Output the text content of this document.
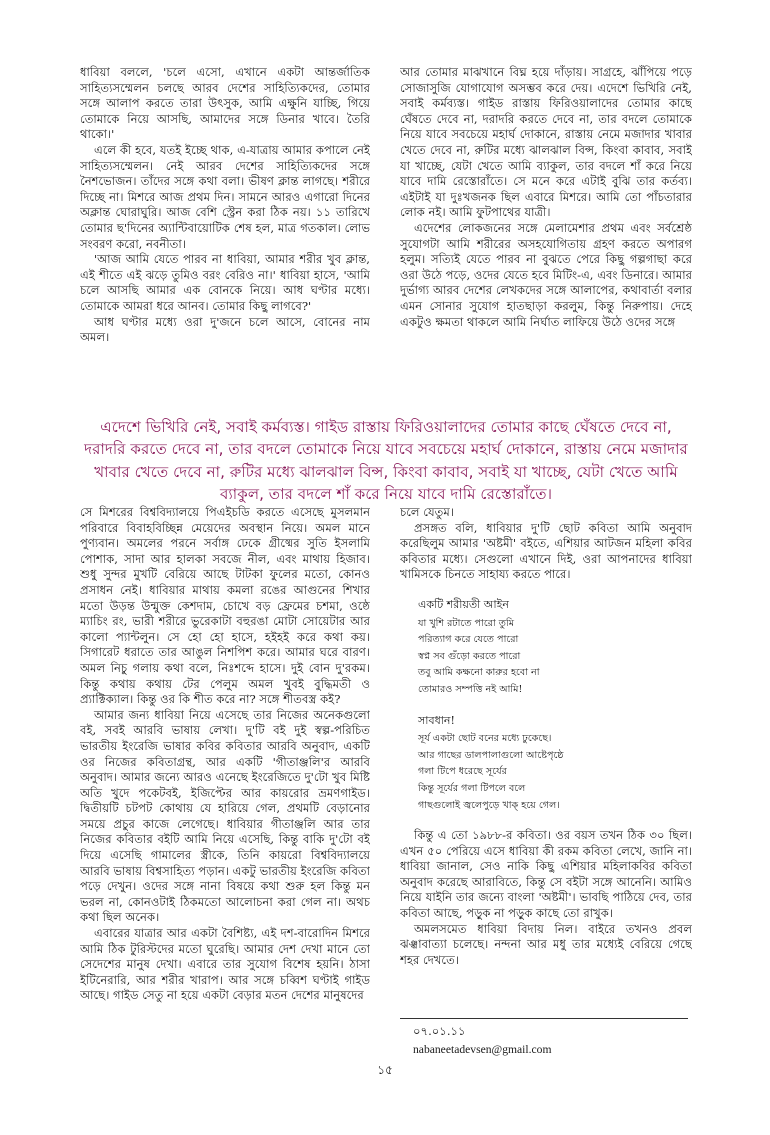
ধাবিয়া বললে, 'চলে এসো, এখানে একটা আন্তর্জাতিক সাহিত্যসম্মেলন চলছে আরব দেশের সাহিত্যিকদের, তোমার সঙ্গে আলাপ করতে তারা উৎসুক, আমি এক্ষুনি যাচ্ছি, গিয়ে তোমাকে নিয়ে আসছি, আমাদের সঙ্গে ডিনার খাবে। তৈরি থাকো।'

এলে কী হবে, যতই ইচ্ছে থাক, এ-যাত্রায় আমার কপালে নেই সাহিত্যসম্মেলন। নেই আরব দেশের সাহিত্যিকদের সঙ্গে নৈশভোজন। তাঁদের সঙ্গে কথা বলা। ভীষণ ক্লান্ত লাগছে। শরীরে দিচ্ছে না। মিশরে আজ প্রথম দিন। সামনে আরও এগারো দিনের অক্লান্ত ঘোরাঘুরি। আজ বেশি স্ট্রেন করা ঠিক নয়। ১১ তারিখে তোমার ছ'দিনের অ্যান্টিবায়োটিক শেষ হল, মাত্র গতকাল। লোভ সংবরণ করো, নবনীতা।

'আজ আমি যেতে পারব না ধাবিয়া, আমার শরীর খুব ক্লান্ত, এই শীতে এই ঝড়ে তুমিও বরং বেরিও না।' ধাবিয়া হাসে, 'আমি চলে আসছি আমার এক বোনকে নিয়ে। আধ ঘণ্টার মধ্যে। তোমাকে আমরা ধরে আনব। তোমার কিছু লাগবে?'

আধ ঘণ্টার মধ্যে ওরা দু'জনে চলে আসে, বোনের নাম অমল।

আর তোমার মাঝখানে বিঘ্ন হয়ে দাঁড়ায়। সাগ্রহে, ঝাঁপিয়ে পড়ে সোজাসুজি যোগাযোগ অসম্ভব করে দেয়। এদেশে ভিখিরি নেই, সবাই কর্মব্যস্ত। গাইড রাস্তায় ফিরিওয়ালাদের তোমার কাছে ঘেঁষতে দেবে না, দরাদরি করতে দেবে না, তার বদলে তোমাকে নিয়ে যাবে সবচেয়ে মহার্ঘ দোকানে, রাস্তায় নেমে মজাদার খাবার খেতে দেবে না, রুটির মধ্যে ঝালঝাল বিন্স, কিংবা কাবাব, সবাই যা খাচ্ছে, যেটা খেতে আমি ব্যাকুল, তার বদলে শাঁ করে নিয়ে যাবে দামি রেস্তোরাঁতে। সে মনে করে এটাই বুঝি তার কর্তব্য। এইটাই যা দুঃখজনক ছিল এবারে মিশরে। আমি তো পাঁচতারার লোক নই। আমি ফুটপাথের যাত্রী।

এদেশের লোকজনের সঙ্গে মেলামেশার প্রথম এবং সর্বশ্রেষ্ঠ সুযোগটা আমি শরীরের অসহযোগিতায় গ্রহণ করতে অপারগ হলুম। সত্যিই যেতে পারব না বুঝতে পেরে কিছু গল্পগাছা করে ওরা উঠে পড়ে, ওদের যেতে হবে মিটিং-এ, এবং ডিনারে। আমার দুর্ভাগ্য আরব দেশের লেখকদের সঙ্গে আলাপের, কথাবার্তা বলার এমন সোনার সুযোগ হাতছাড়া করলুম, কিন্তু নিরুপায়। দেহে একটুও ক্ষমতা থাকলে আমি নির্ঘাত লাফিয়ে উঠে ওদের সঙ্গে

এদেশে ভিখিরি নেই, সবাই কর্মব্যস্ত। গাইড রাস্তায় ফিরিওয়ালাদের তোমার কাছে ঘেঁষতে দেবে না, দরাদরি করতে দেবে না, তার বদলে তোমাকে নিয়ে যাবে সবচেয়ে মহার্ঘ দোকানে, রাস্তায় নেমে মজাদার খাবার খেতে দেবে না, রুটির মধ্যে ঝালঝাল বিন্স, কিংবা কাবাব, সবাই যা খাচ্ছে, যেটা খেতে আমি ব্যাকুল, তার বদলে শাঁ করে নিয়ে যাবে দামি রেস্তোরাঁতে।

সে মিশরের বিশ্ববিদ্যালয়ে পিএইচডি করতে এসেছে মুসলমান পরিবারে বিবাহবিচ্ছিন্ন মেয়েদের অবস্থান নিয়ে। অমল মানে পুণ্যবান। অমলের পরনে সর্বাঙ্গ ঢেকে গ্রীষ্মের সুতি ইসলামি পোশাক, সাদা আর হালকা সবজে নীল, এবং মাথায় হিজাব। শুধু সুন্দর মুখটি বেরিয়ে আছে টাটকা ফুলের মতো, কোনও প্রসাধন নেই। ধাবিয়ার মাথায় কমলা রঙের আগুনের শিখার মতো উড়ন্ত উন্মুক্ত কেশদাম, চোখে বড় ফ্রেমের চশমা, ওষ্ঠে ম্যাচিং রং, ভারী শরীরে ভুরেকাটা বহুরঙা মোটা সোয়েটার আর কালো প্যান্টলুন। সে হো হো হাসে, হইহই করে কথা কয়। সিগারেট ধরাতে তার আঙুল নিশপিশ করে। আমার ঘরে বারণ। অমল নিচু গলায় কথা বলে, নিঃশব্দে হাসে। দুই বোন দু'রকম। কিন্তু কথায় কথায় টের পেলুম অমল খুবই বুদ্ধিমতী ও প্র্যাক্টিক্যাল। কিন্তু ওর কি শীত করে না? সঙ্গে শীতবস্ত্র কই?

আমার জন্য ধাবিয়া নিয়ে এসেছে তার নিজের অনেকগুলো বই, সবই আরবি ভাষায় লেখা। দু'টি বই দুই স্বল্প-পরিচিত ভারতীয় ইংরেজি ভাষার কবির কবিতার আরবি অনুবাদ, একটি ওর নিজের কবিতাগ্রন্থ, আর একটি 'গীতাঞ্জলি'র আরবি অনুবাদ। আমার জন্যে আরও এনেছে ইংরেজিতে দু'টো খুব মিষ্টি অতি খুদে পকেটবই, ইজিপ্টের আর কায়রোর ভ্রমণগাইড। দ্বিতীয়টি চটপট কোথায় যে হারিয়ে গেল, প্রথমটি বেড়ানোর সময়ে প্রচুর কাজে লেগেছে। ধাবিয়ার গীতাঞ্জলি আর তার নিজের কবিতার বইটি আমি নিয়ে এসেছি, কিন্তু বাকি দু'টো বই দিয়ে এসেছি গামালের স্ত্রীকে, তিনি কায়রো বিশ্ববিদ্যালয়ে আরবি ভাষায় বিশ্বসাহিত্য পড়ান। একটু ভারতীয় ইংরেজি কবিতা পড়ে দেখুন। ওদের সঙ্গে নানা বিষয়ে কথা শুরু হল কিন্তু মন ভরল না, কোনওটাই ঠিকমতো আলোচনা করা গেল না। অথচ কথা ছিল অনেক।

এবারের যাত্রার আর একটা বৈশিষ্ট্য, এই দশ-বারোদিন মিশরে আমি ঠিক টুরিস্টদের মতো ঘুরেছি। আমার দেশ দেখা মানে তো সেদেশের মানুষ দেখা। এবারে তার সুযোগ বিশেষ হয়নি। ঠাসা ইটিনেরারি, আর শরীর খারাপ। আর সঙ্গে চব্বিশ ঘণ্টাই গাইড আছে। গাইড সেতু না হয়ে একটা বেড়ার মতন দেশের মানুষদের

চলে যেতুম।

প্রসঙ্গত বলি, ধাবিয়ার দু'টি ছোট কবিতা আমি অনুবাদ করেছিলুম আমার 'অষ্টমী' বইতে, এশিয়ার আটজন মহিলা কবির কবিতার মধ্যে। সেগুলো এখানে দিই, ওরা আপনাদের ধাবিয়া খামিসকে চিনতে সাহায্য করতে পারে।

একটি শরীয়তী আইন
যা খুশি রটাতে পারো তুমি
পরিত্যাগ করে যেতে পারো
স্বপ্ন সব গুঁড়ো করতে পারো
তবু আমি কক্ষনো কারুর হবো না
তোমারও সম্পত্তি নই আমি!
সাবধান!
সূর্য একটা ছোট বনের মধ্যে ঢুকেছে।
আর গাছের ডালপালাগুলো আষ্টেপৃষ্ঠে
গলা টিপে ধরেছে সূর্যের
কিন্তু সূর্যের গলা টিপলে বলে
গাছগুলোই জ্বলেপুড়ে খাক্ হয়ে গেল।

কিন্তু এ তো ১৯৮৮-র কবিতা। ওর বয়স তখন ঠিক ৩০ ছিল। এখন ৫০ পেরিয়ে এসে ধাবিয়া কী রকম কবিতা লেখে, জানি না। ধাবিয়া জানাল, সেও নাকি কিছু এশিয়ার মহিলাকবির কবিতা অনুবাদ করেছে আরাবিতে, কিন্তু সে বইটা সঙ্গে আনেনি। আমিও নিয়ে যাইনি তার জন্যে বাংলা 'অষ্টমী'। ভাবছি পাঠিয়ে দেব, তার কবিতা আছে, পড়ুক না পড়ুক কাছে তো রাখুক।

অমলসমেত ধাবিয়া বিদায় নিল। বাইরে তখনও প্রবল ঝঞ্ঝাবাত্যা চলেছে। নন্দনা আর মধু তার মধ্যেই বেরিয়ে গেছে শহর দেখতে।

০৭.০১.১১
nabaneetadevsen@gmail.com
১৫
